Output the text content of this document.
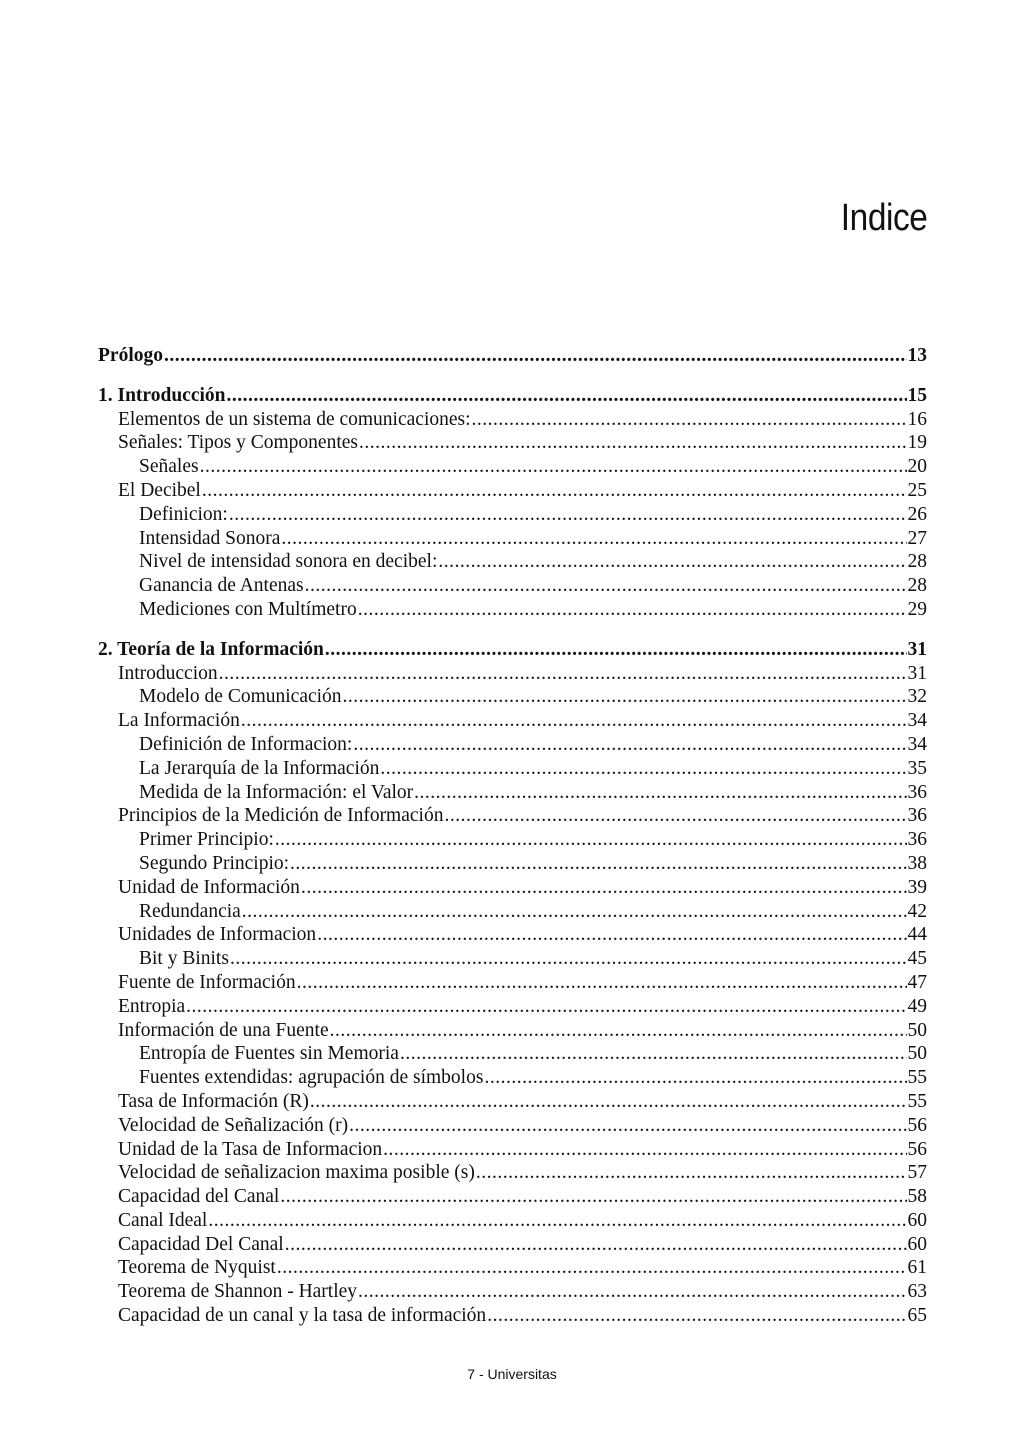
Indice
Prólogo .....	13
1. Introducción .....	15
Elementos de un sistema de comunicaciones: .....	16
Señales: Tipos y Componentes .....	19
Señales .....	20
El Decibel .....	25
Definicion: .....	26
Intensidad Sonora .....	27
Nivel de intensidad sonora en decibel: .....	28
Ganancia de Antenas .....	28
Mediciones con Multímetro .....	29
2. Teoría de la Información .....	31
Introduccion .....	31
Modelo de Comunicación .....	32
La Información .....	34
Definición de Informacion: .....	34
La Jerarquía de la Información .....	35
Medida de la Información: el Valor .....	36
Principios de la Medición de Información .....	36
Primer Principio: .....	36
Segundo Principio: .....	38
Unidad de Información .....	39
Redundancia .....	42
Unidades de Informacion .....	44
Bit y Binits .....	45
Fuente de Información .....	47
Entropia .....	49
Información de una Fuente .....	50
Entropía de Fuentes sin Memoria .....	50
Fuentes extendidas: agrupación de símbolos .....	55
Tasa de Información (R) .....	55
Velocidad de Señalización (r) .....	56
Unidad de la Tasa de Informacion .....	56
Velocidad de señalizacion maxima posible (s) .....	57
Capacidad del Canal .....	58
Canal Ideal .....	60
Capacidad Del Canal .....	60
Teorema de Nyquist .....	61
Teorema de Shannon - Hartley .....	63
Capacidad de un canal y la tasa de información .....	65
7 - Universitas
